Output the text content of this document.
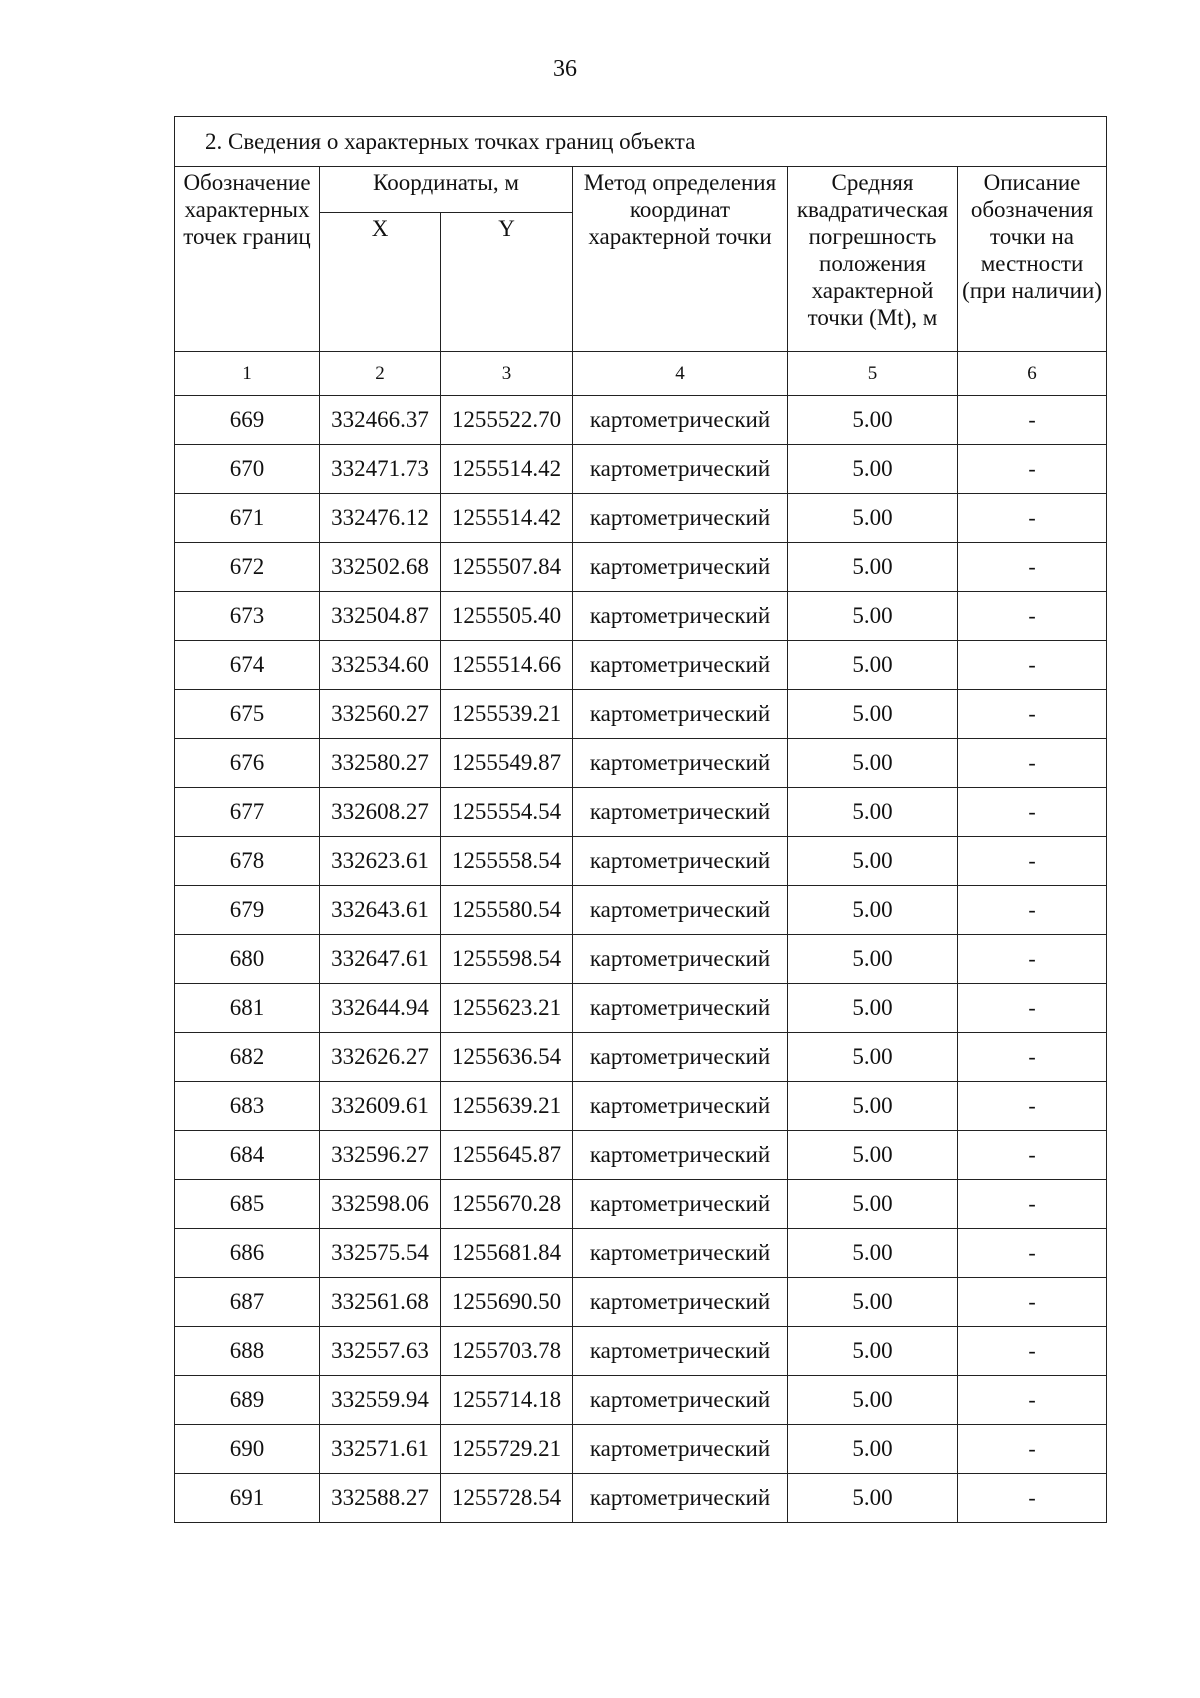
36
2. Сведения о характерных точках границ объекта					
Обозначение характерных точек границ	Координаты, м		Метод определения координат характерной точки	Средняя квадратическая погрешность положения характерной точки (Mt), м	Описание обозначения точки на местности (при наличии)
	X	Y			
1	2	3	4	5	6
669	332466.37	1255522.70	картометрический	5.00	-
670	332471.73	1255514.42	картометрический	5.00	-
671	332476.12	1255514.42	картометрический	5.00	-
672	332502.68	1255507.84	картометрический	5.00	-
673	332504.87	1255505.40	картометрический	5.00	-
674	332534.60	1255514.66	картометрический	5.00	-
675	332560.27	1255539.21	картометрический	5.00	-
676	332580.27	1255549.87	картометрический	5.00	-
677	332608.27	1255554.54	картометрический	5.00	-
678	332623.61	1255558.54	картометрический	5.00	-
679	332643.61	1255580.54	картометрический	5.00	-
680	332647.61	1255598.54	картометрический	5.00	-
681	332644.94	1255623.21	картометрический	5.00	-
682	332626.27	1255636.54	картометрический	5.00	-
683	332609.61	1255639.21	картометрический	5.00	-
684	332596.27	1255645.87	картометрический	5.00	-
685	332598.06	1255670.28	картометрический	5.00	-
686	332575.54	1255681.84	картометрический	5.00	-
687	332561.68	1255690.50	картометрический	5.00	-
688	332557.63	1255703.78	картометрический	5.00	-
689	332559.94	1255714.18	картометрический	5.00	-
690	332571.61	1255729.21	картометрический	5.00	-
691	332588.27	1255728.54	картометрический	5.00	-
